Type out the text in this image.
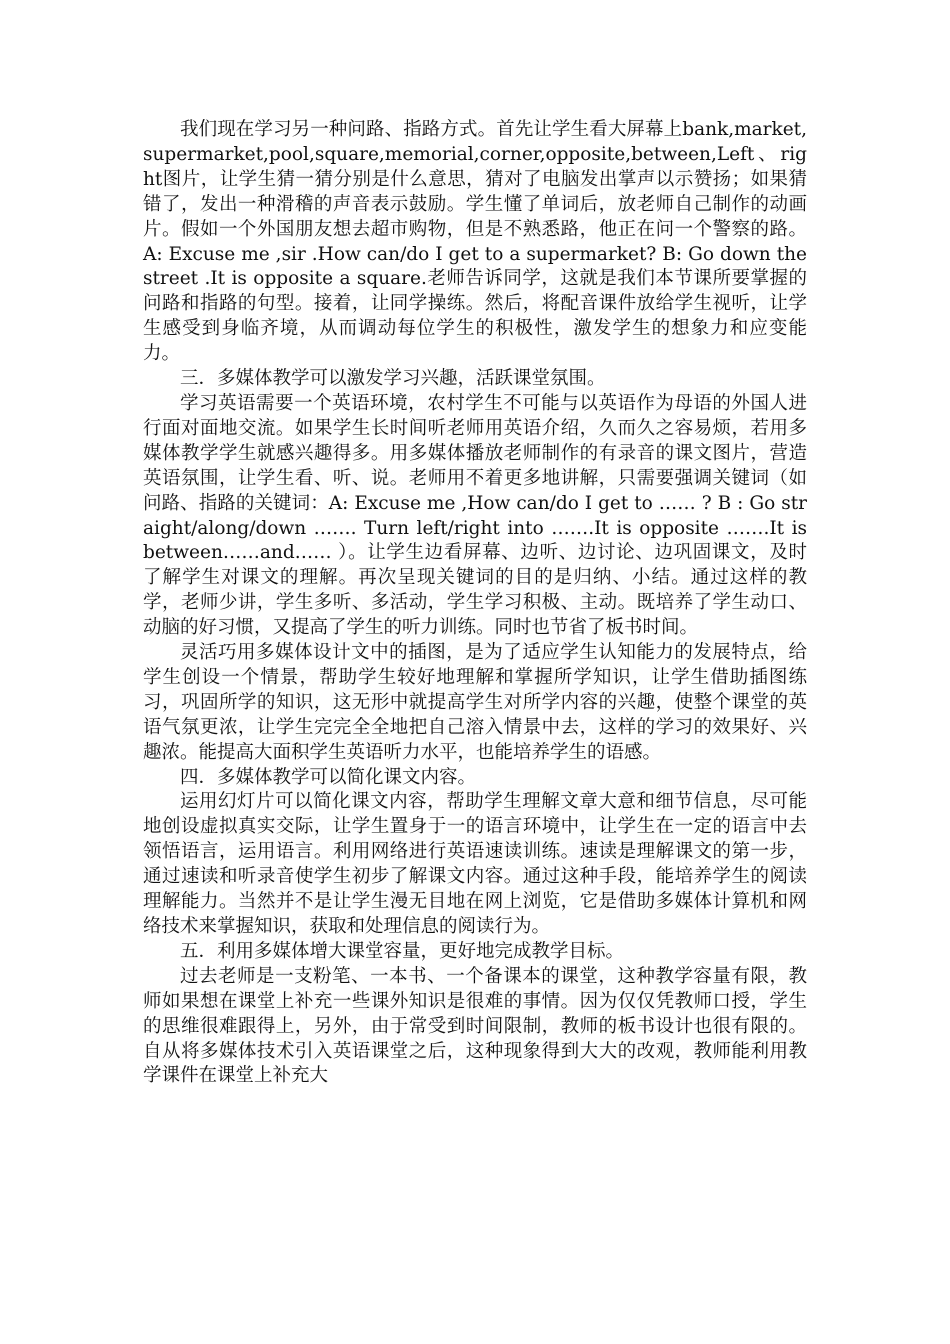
我们现在学习另一种问路、指路方式。首先让学生看大屏幕上bank,market,supermarket,pool,square,memorial,corner,opposite,between,Left、right图片，让学生猜一猜分别是什么意思，猜对了电脑发出掌声以示赞扬；如果猜错了，发出一种滑稽的声音表示鼓励。学生懂了单词后，放老师自己制作的动画片。假如一个外国朋友想去超市购物，但是不熟悉路，他正在问一个警察的路。A: Excuse me ,sir .How can/do I get to a supermarket? B: Go down the street .It is opposite a square.老师告诉同学，这就是我们本节课所要掌握的问路和指路的句型。接着，让同学操练。然后，将配音课件放给学生视听，让学生感受到身临齐境，从而调动每位学生的积极性，激发学生的想象力和应变能力。

三．多媒体教学可以激发学习兴趣，活跃课堂氛围。

学习英语需要一个英语环境，农村学生不可能与以英语作为母语的外国人进行面对面地交流。如果学生长时间听老师用英语介绍，久而久之容易烦，若用多媒体教学学生就感兴趣得多。用多媒体播放老师制作的有录音的课文图片，营造英语氛围，让学生看、听、说。老师用不着更多地讲解，只需要强调关键词（如问路、指路的关键词：A: Excuse me ,How can/do I get to …… ? B : Go straight/along/down ……. Turn left/right into …….It is opposite …….It is between……and…… ）。让学生边看屏幕、边听、边讨论、边巩固课文，及时了解学生对课文的理解。再次呈现关键词的目的是归纳、小结。通过这样的教学，老师少讲，学生多听、多活动，学生学习积极、主动。既培养了学生动口、动脑的好习惯，又提高了学生的听力训练。同时也节省了板书时间。

灵活巧用多媒体设计文中的插图，是为了适应学生认知能力的发展特点，给学生创设一个情景，帮助学生较好地理解和掌握所学知识，让学生借助插图练习，巩固所学的知识，这无形中就提高学生对所学内容的兴趣，使整个课堂的英语气氛更浓，让学生完完全全地把自己溶入情景中去，这样的学习的效果好、兴趣浓。能提高大面积学生英语听力水平，也能培养学生的语感。

四．多媒体教学可以简化课文内容。

运用幻灯片可以简化课文内容，帮助学生理解文章大意和细节信息，尽可能地创设虚拟真实交际，让学生置身于一的语言环境中，让学生在一定的语言中去领悟语言，运用语言。利用网络进行英语速读训练。速读是理解课文的第一步，通过速读和听录音使学生初步了解课文内容。通过这种手段，能培养学生的阅读理解能力。当然并不是让学生漫无目地在网上浏览，它是借助多媒体计算机和网络技术来掌握知识，获取和处理信息的阅读行为。

五．利用多媒体增大课堂容量，更好地完成教学目标。

过去老师是一支粉笔、一本书、一个备课本的课堂，这种教学容量有限，教师如果想在课堂上补充一些课外知识是很难的事情。因为仅仅凭教师口授，学生的思维很难跟得上，另外，由于常受到时间限制，教师的板书设计也很有限的。自从将多媒体技术引入英语课堂之后，这种现象得到大大的改观，教师能利用教学课件在课堂上补充大
